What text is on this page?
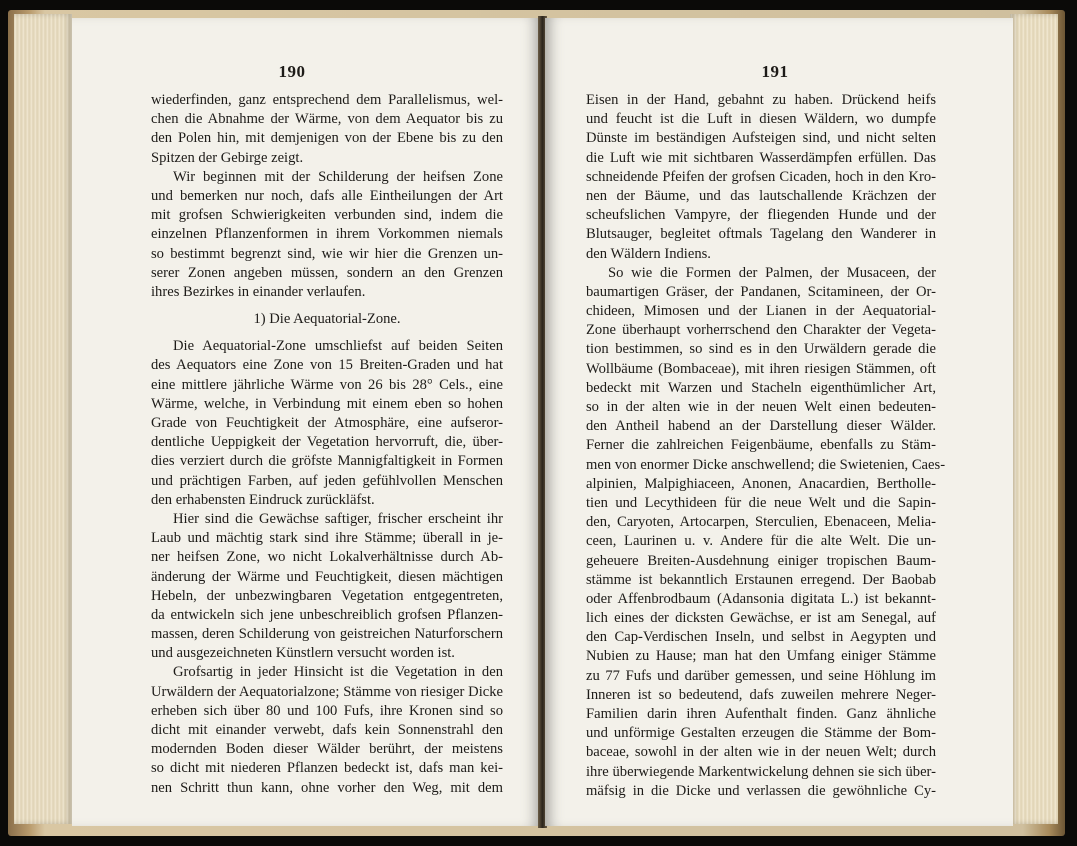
190
wiederfinden, ganz entsprechend dem Parallelismus, wel-
chen die Abnahme der Wärme, von dem Aequator bis zu
den Polen hin, mit demjenigen von der Ebene bis zu den
Spitzen der Gebirge zeigt.
Wir beginnen mit der Schilderung der heifsen Zone
und bemerken nur noch, dafs alle Eintheilungen der Art
mit grofsen Schwierigkeiten verbunden sind, indem die
einzelnen Pflanzenformen in ihrem Vorkommen niemals
so bestimmt begrenzt sind, wie wir hier die Grenzen un-
serer Zonen angeben müssen, sondern an den Grenzen
ihres Bezirkes in einander verlaufen.
1) Die Aequatorial-Zone.
Die Aequatorial-Zone umschliefst auf beiden Seiten
des Aequators eine Zone von 15 Breiten-Graden und hat
eine mittlere jährliche Wärme von 26 bis 28° Cels., eine
Wärme, welche, in Verbindung mit einem eben so hohen
Grade von Feuchtigkeit der Atmosphäre, eine aufseror-
dentliche Ueppigkeit der Vegetation hervorruft, die, über-
dies verziert durch die gröfste Mannigfaltigkeit in Formen
und prächtigen Farben, auf jeden gefühlvollen Menschen
den erhabensten Eindruck zurückläfst.
Hier sind die Gewächse saftiger, frischer erscheint ihr
Laub und mächtig stark sind ihre Stämme; überall in je-
ner heifsen Zone, wo nicht Lokalverhältnisse durch Ab-
änderung der Wärme und Feuchtigkeit, diesen mächtigen
Hebeln, der unbezwingbaren Vegetation entgegentreten,
da entwickeln sich jene unbeschreiblich grofsen Pflanzen-
massen, deren Schilderung von geistreichen Naturforschern
und ausgezeichneten Künstlern versucht worden ist.
Grofsartig in jeder Hinsicht ist die Vegetation in den
Urwäldern der Aequatorialzone; Stämme von riesiger Dicke
erheben sich über 80 und 100 Fufs, ihre Kronen sind so
dicht mit einander verwebt, dafs kein Sonnenstrahl den
modernden Boden dieser Wälder berührt, der meistens
so dicht mit niederen Pflanzen bedeckt ist, dafs man kei-
nen Schritt thun kann, ohne vorher den Weg, mit dem
191
Eisen in der Hand, gebahnt zu haben. Drückend heifs
und feucht ist die Luft in diesen Wäldern, wo dumpfe
Dünste im beständigen Aufsteigen sind, und nicht selten
die Luft wie mit sichtbaren Wasserdämpfen erfüllen. Das
schneidende Pfeifen der grofsen Cicaden, hoch in den Kro-
nen der Bäume, und das lautschallende Krächzen der
scheufslichen Vampyre, der fliegenden Hunde und der
Blutsauger, begleitet oftmals Tagelang den Wanderer in
den Wäldern Indiens.
So wie die Formen der Palmen, der Musaceen, der
baumartigen Gräser, der Pandanen, Scitamineen, der Or-
chideen, Mimosen und der Lianen in der Aequatorial-
Zone überhaupt vorherrschend den Charakter der Vegeta-
tion bestimmen, so sind es in den Urwäldern gerade die
Wollbäume (Bombaceae), mit ihren riesigen Stämmen, oft
bedeckt mit Warzen und Stacheln eigenthümlicher Art,
so in der alten wie in der neuen Welt einen bedeuten-
den Antheil habend an der Darstellung dieser Wälder.
Ferner die zahlreichen Feigenbäume, ebenfalls zu Stäm-
men von enormer Dicke anschwellend; die Swietenien, Caes-
alpinien, Malpighiaceen, Anonen, Anacardien, Bertholle-
tien und Lecythideen für die neue Welt und die Sapin-
den, Caryoten, Artocarpen, Sterculien, Ebenaceen, Melia-
ceen, Laurinen u. v. Andere für die alte Welt. Die un-
geheuere Breiten-Ausdehnung einiger tropischen Baum-
stämme ist bekanntlich Erstaunen erregend. Der Baobab
oder Affenbrodbaum (Adansonia digitata L.) ist bekannt-
lich eines der dicksten Gewächse, er ist am Senegal, auf
den Cap-Verdischen Inseln, und selbst in Aegypten und
Nubien zu Hause; man hat den Umfang einiger Stämme
zu 77 Fufs und darüber gemessen, und seine Höhlung im
Inneren ist so bedeutend, dafs zuweilen mehrere Neger-
Familien darin ihren Aufenthalt finden. Ganz ähnliche
und unförmige Gestalten erzeugen die Stämme der Bom-
baceae, sowohl in der alten wie in der neuen Welt; durch
ihre überwiegende Markentwickelung dehnen sie sich über-
mäfsig in die Dicke und verlassen die gewöhnliche Cy-
